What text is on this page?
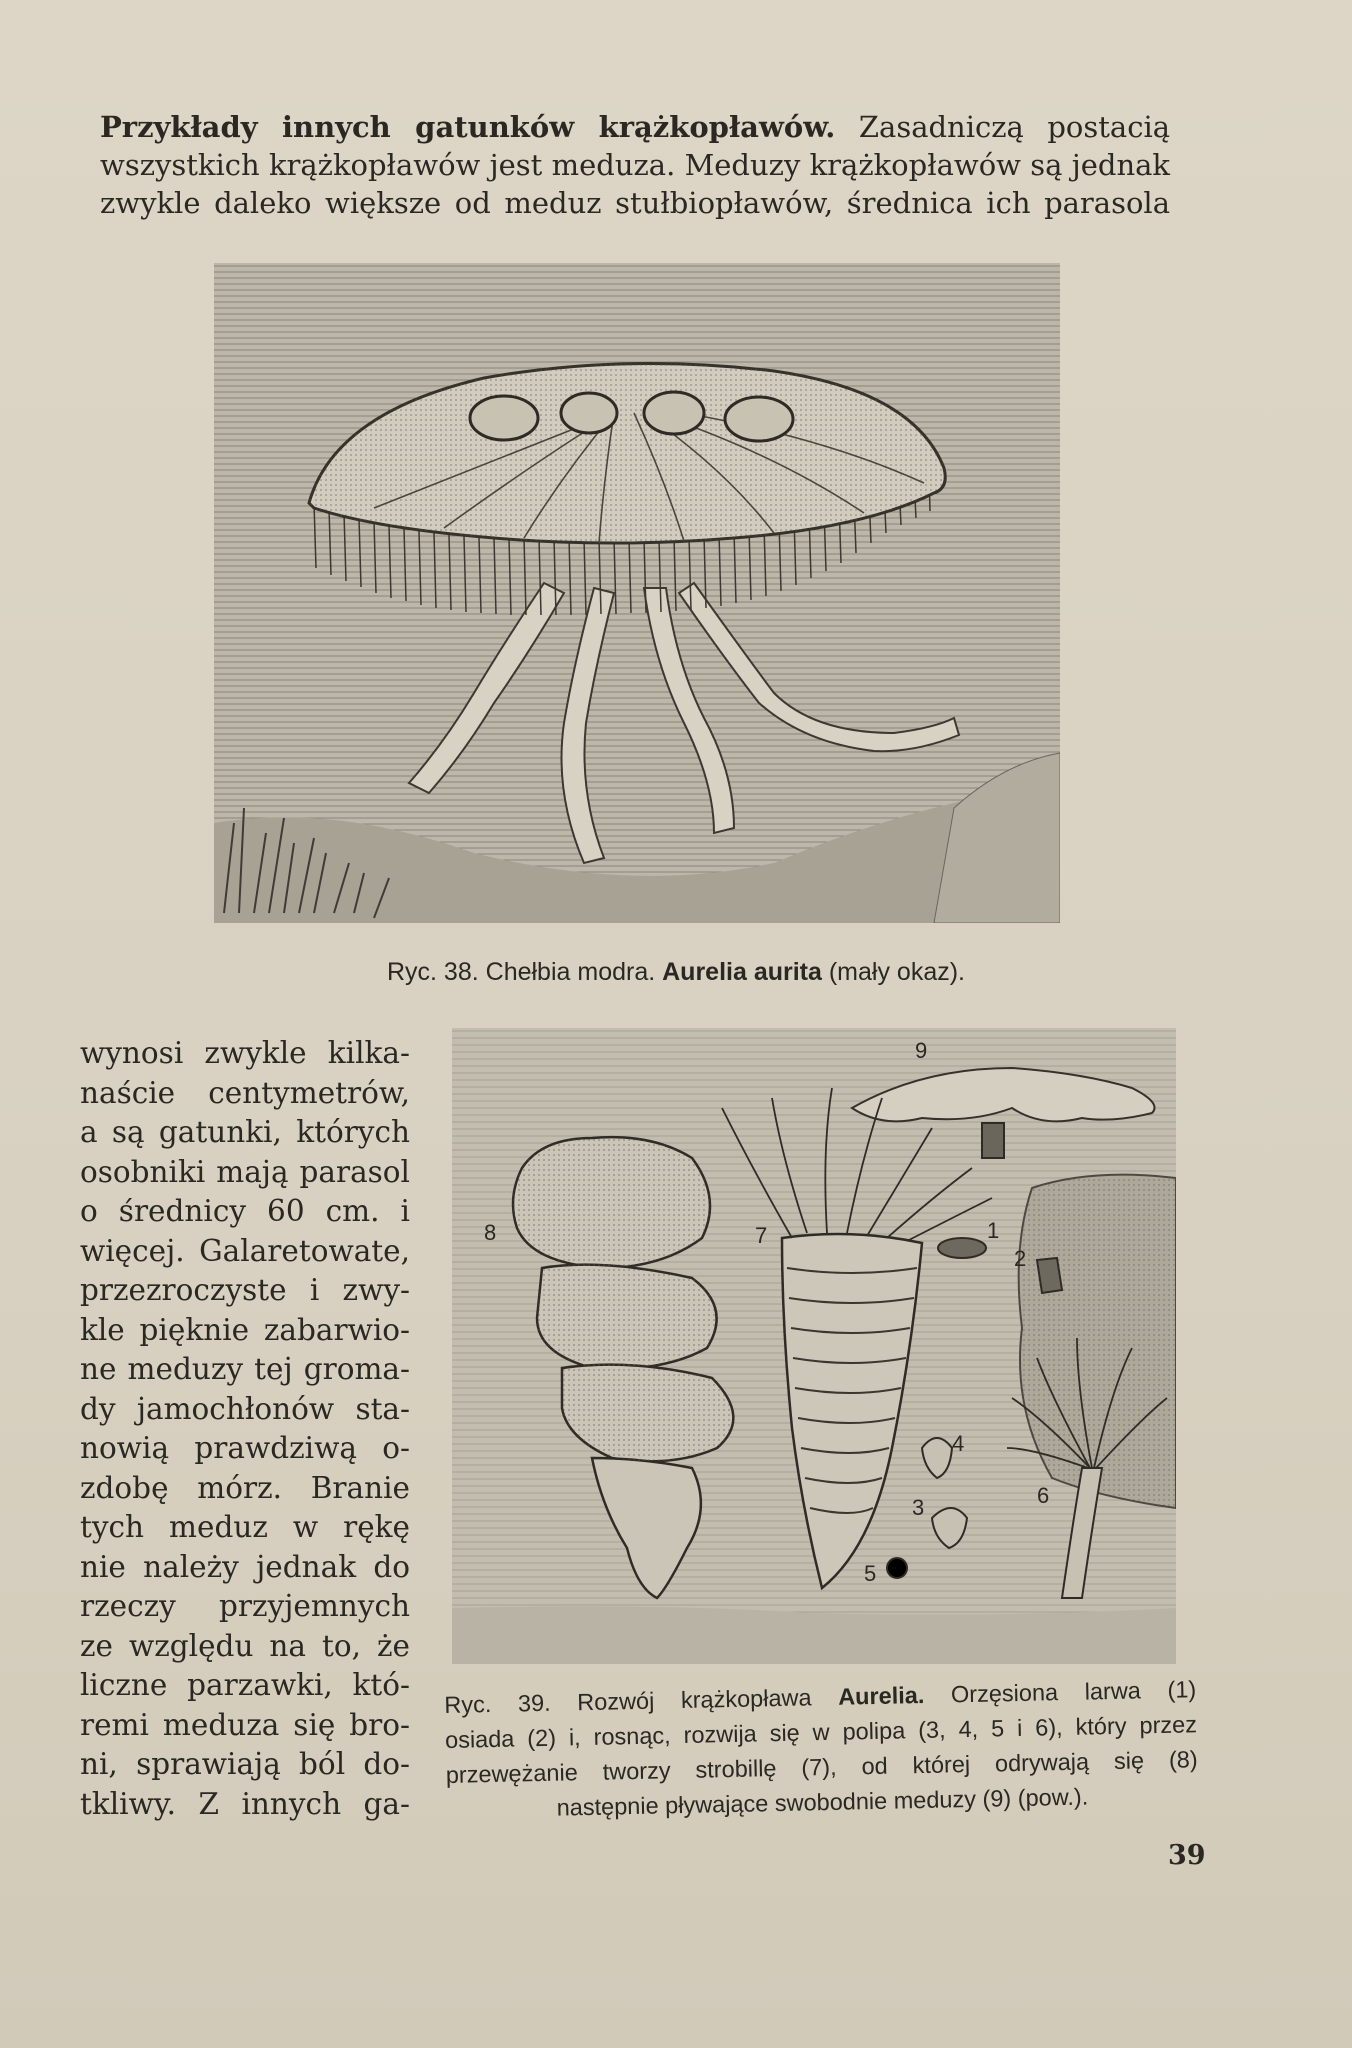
Przykłady innych gatunków krążkopławów. Zasadniczą postacią
wszystkich krążkopławów jest meduza. Meduzy krążkopławów są jednak
zwykle daleko większe od meduz stułbiopławów, średnica ich parasola
Ryc. 38. Chełbia modra. Aurelia aurita (mały okaz).
wynosi zwykle kilka-
naście centymetrów,
a są gatunki, których
osobniki mają parasol
o średnicy 60 cm. i
więcej. Galaretowate,
przezroczyste i zwy-
kle pięknie zabarwio-
ne meduzy tej groma-
dy jamochłonów sta-
nowią prawdziwą o-
zdobę mórz. Branie
tych meduz w rękę
nie należy jednak do
rzeczy przyjemnych
ze względu na to, że
liczne parzawki, któ-
remi meduza się bro-
ni, sprawiają ból do-
tkliwy. Z innych ga-
9
8	7	1
2
4
3	6
5
Ryc. 39. Rozwój krążkopława Aurelia. Orzęsiona larwa (1)
osiada (2) i, rosnąc, rozwija się w polipa (3, 4, 5 i 6), który przez
przewężanie tworzy strobillę (7), od której odrywają się (8)
następnie pływające swobodnie meduzy (9) (pow.).
39
